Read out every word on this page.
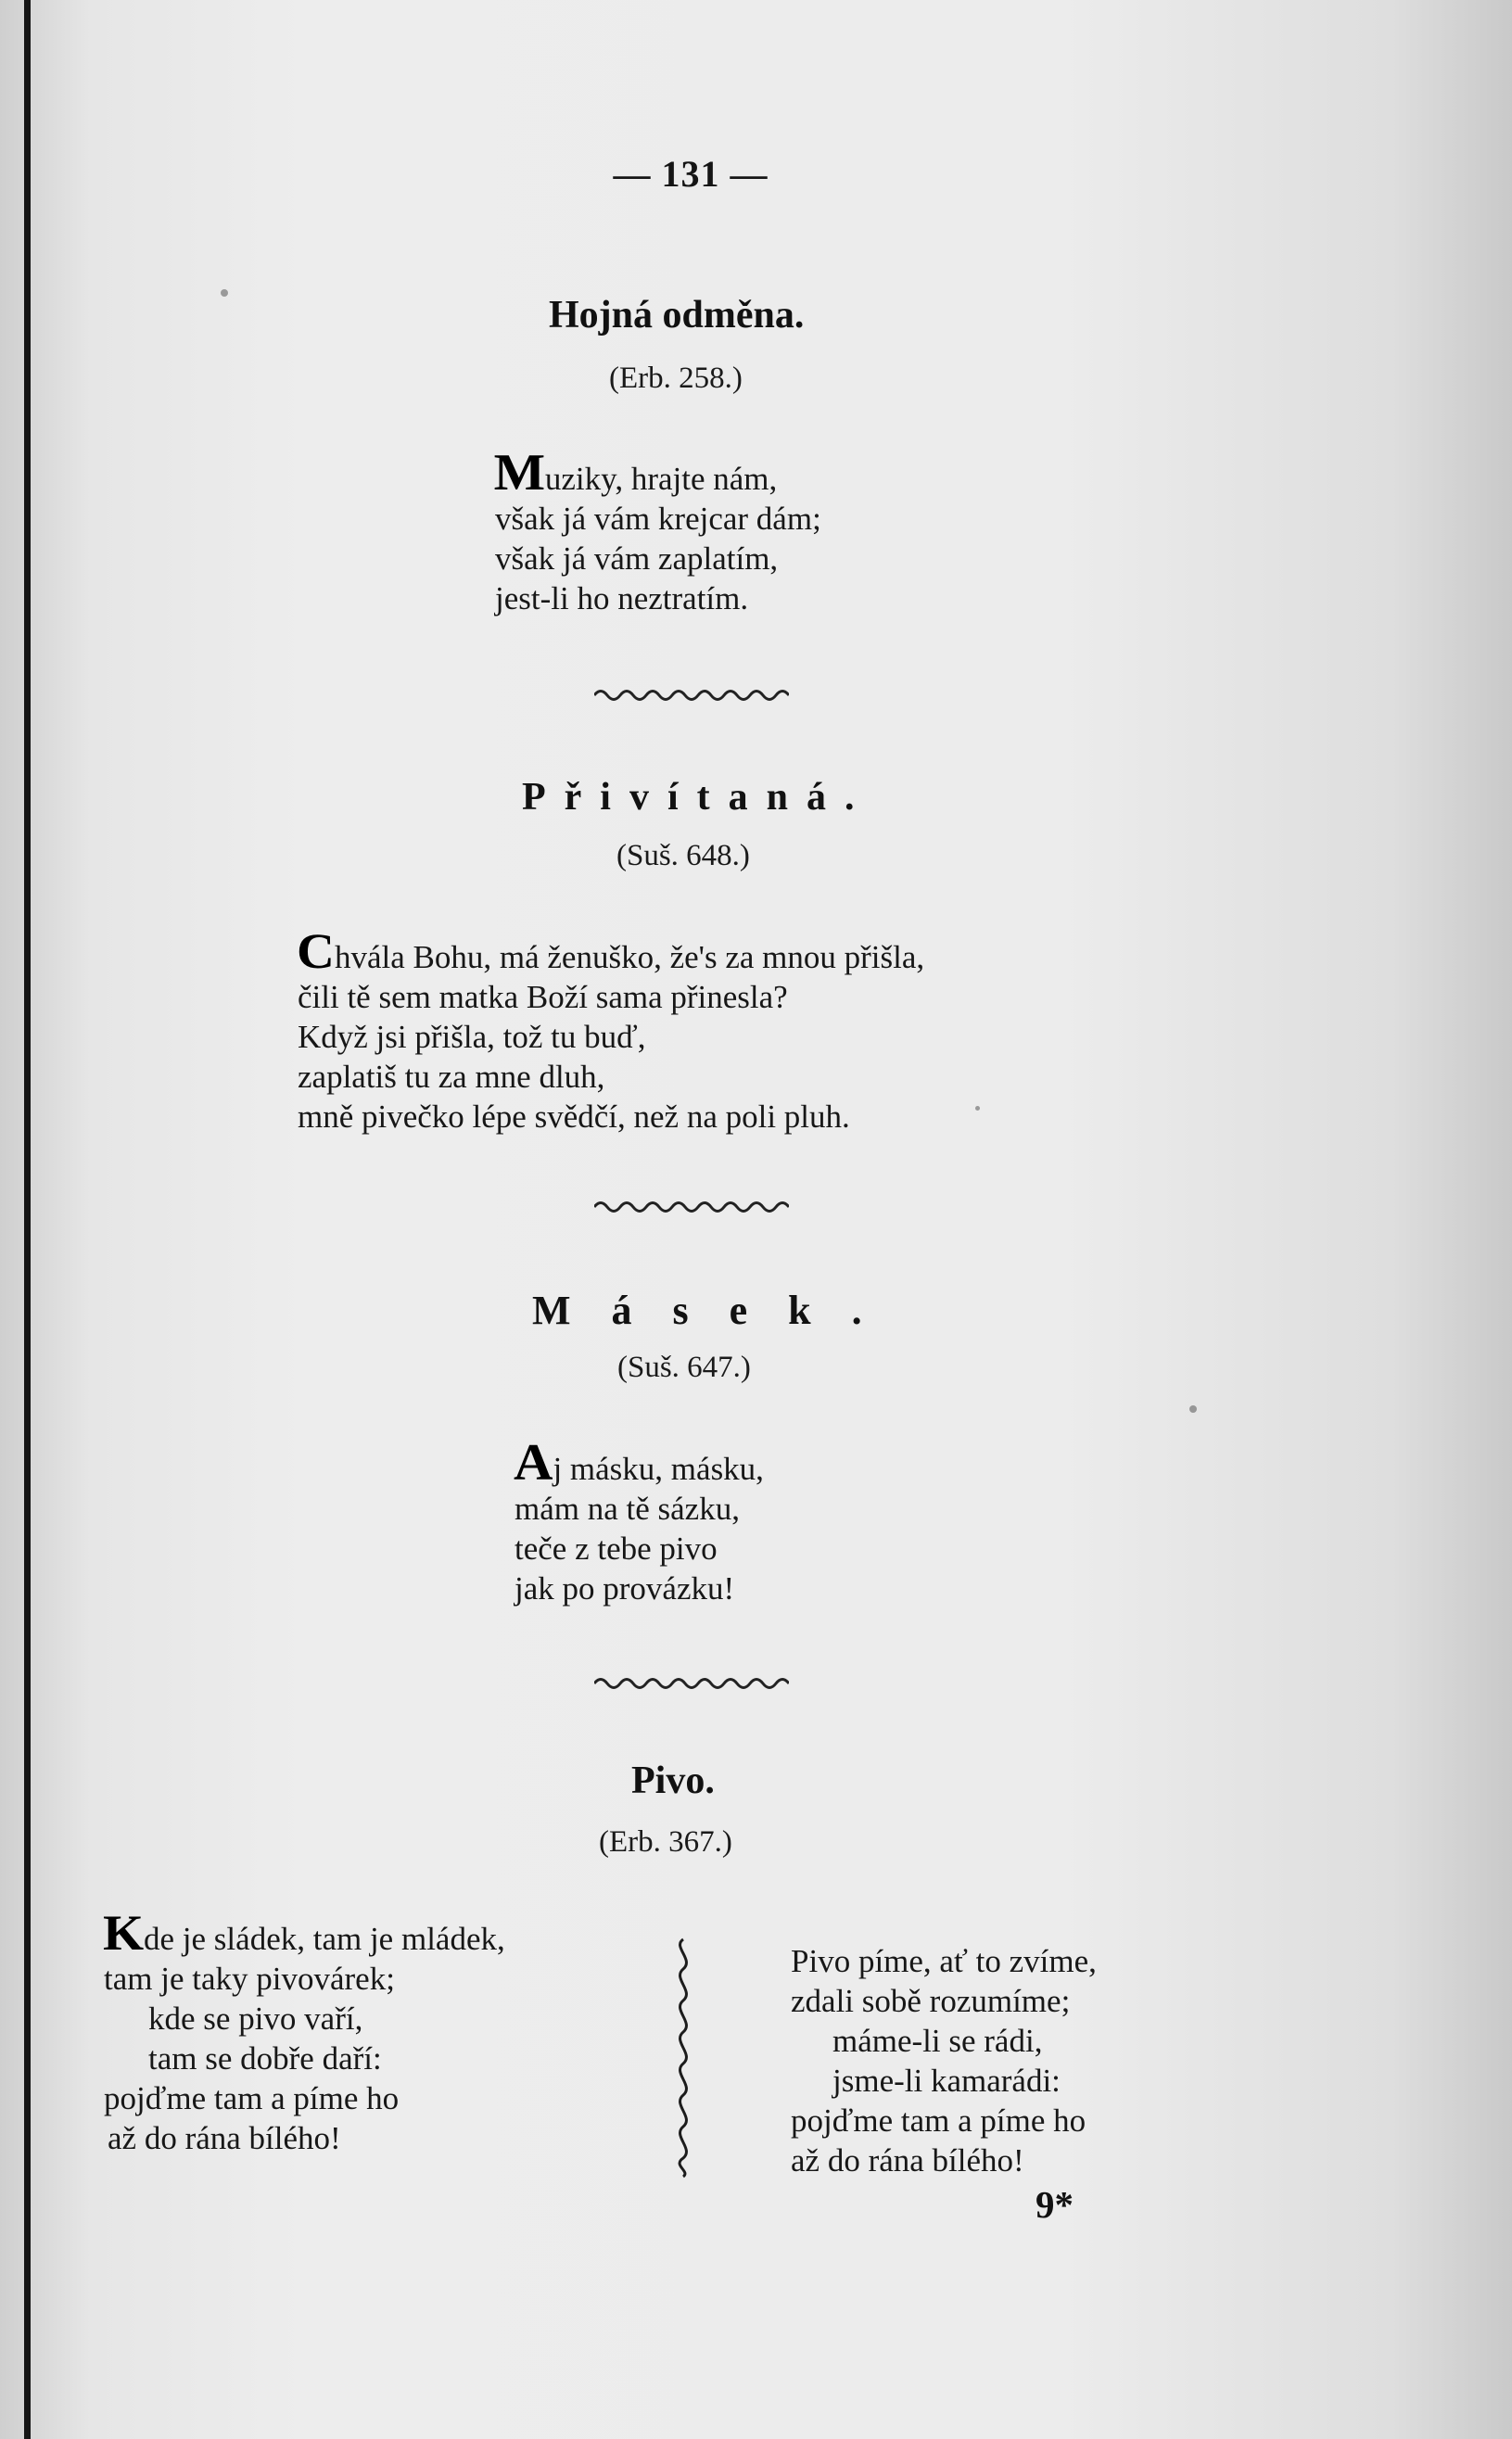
— 131 —
Hojná odměna.
(Erb. 258.)
Muziky, hrajte nám,
však já vám krejcar dám;
však já vám zaplatím,
jest-li ho neztratím.
Přivítaná.
(Suš. 648.)
Chvála Bohu, má ženuško, že's za mnou přišla,
čili tě sem matka Boží sama přinesla?
Když jsi přišla, tož tu buď,
zaplatiš tu za mne dluh,
mně pivečko lépe svědčí, než na poli pluh.
Másek.
(Suš. 647.)
Aj másku, másku,
mám na tě sázku,
teče z tebe pivo
jak po provázku!
Pivo.
(Erb. 367.)
Kde je sládek, tam je mládek,
tam je taky pivovárek;
kde se pivo vaří,
tam se dobře daří:
pojďme tam a píme ho
až do rána bílého!
Pivo píme, ať to zvíme,
zdali sobě rozumíme;
máme-li se rádi,
jsme-li kamarádi:
pojďme tam a píme ho
až do rána bílého!
9*
